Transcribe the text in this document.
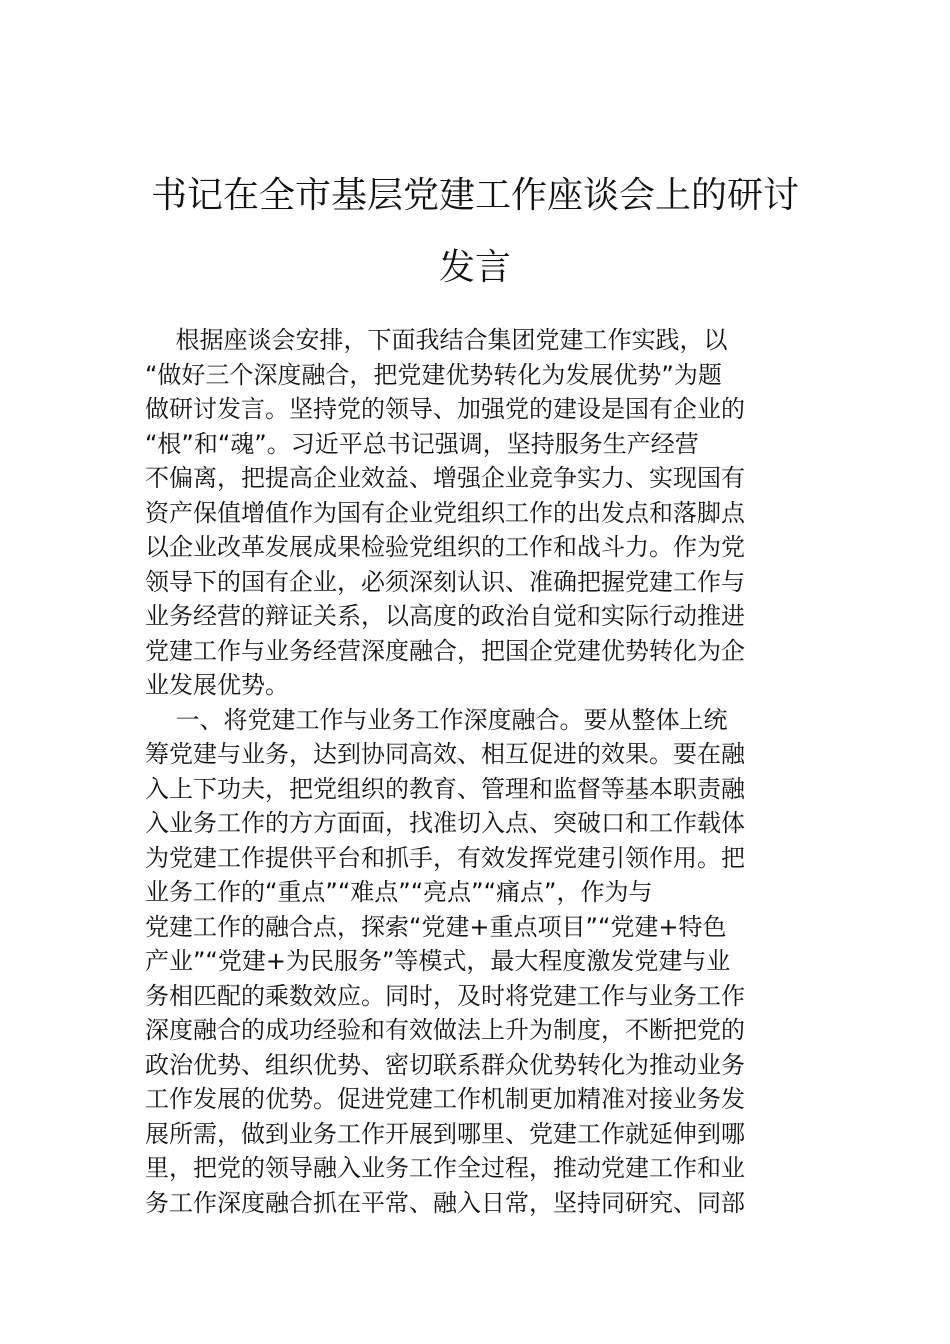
书记在全市基层党建工作座谈会上的研讨
发言
根据座谈会安排，下面我结合集团党建工作实践，以
“做好三个深度融合，把党建优势转化为发展优势”为题
做研讨发言。坚持党的领导、加强党的建设是国有企业的
“根”和“魂”。习近平总书记强调，坚持服务生产经营
不偏离，把提高企业效益、增强企业竞争实力、实现国有
资产保值增值作为国有企业党组织工作的出发点和落脚点
以企业改革发展成果检验党组织的工作和战斗力。作为党
领导下的国有企业，必须深刻认识、准确把握党建工作与
业务经营的辩证关系，以高度的政治自觉和实际行动推进
党建工作与业务经营深度融合，把国企党建优势转化为企
业发展优势。
一、将党建工作与业务工作深度融合。要从整体上统
筹党建与业务，达到协同高效、相互促进的效果。要在融
入上下功夫，把党组织的教育、管理和监督等基本职责融
入业务工作的方方面面，找准切入点、突破口和工作载体
为党建工作提供平台和抓手，有效发挥党建引领作用。把
业务工作的“重点”“难点”“亮点”“痛点”，作为与
党建工作的融合点，探索“党建+重点项目”“党建+特色
产业”“党建+为民服务”等模式，最大程度激发党建与业
务相匹配的乘数效应。同时，及时将党建工作与业务工作
深度融合的成功经验和有效做法上升为制度，不断把党的
政治优势、组织优势、密切联系群众优势转化为推动业务
工作发展的优势。促进党建工作机制更加精准对接业务发
展所需，做到业务工作开展到哪里、党建工作就延伸到哪
里，把党的领导融入业务工作全过程，推动党建工作和业
务工作深度融合抓在平常、融入日常，坚持同研究、同部
